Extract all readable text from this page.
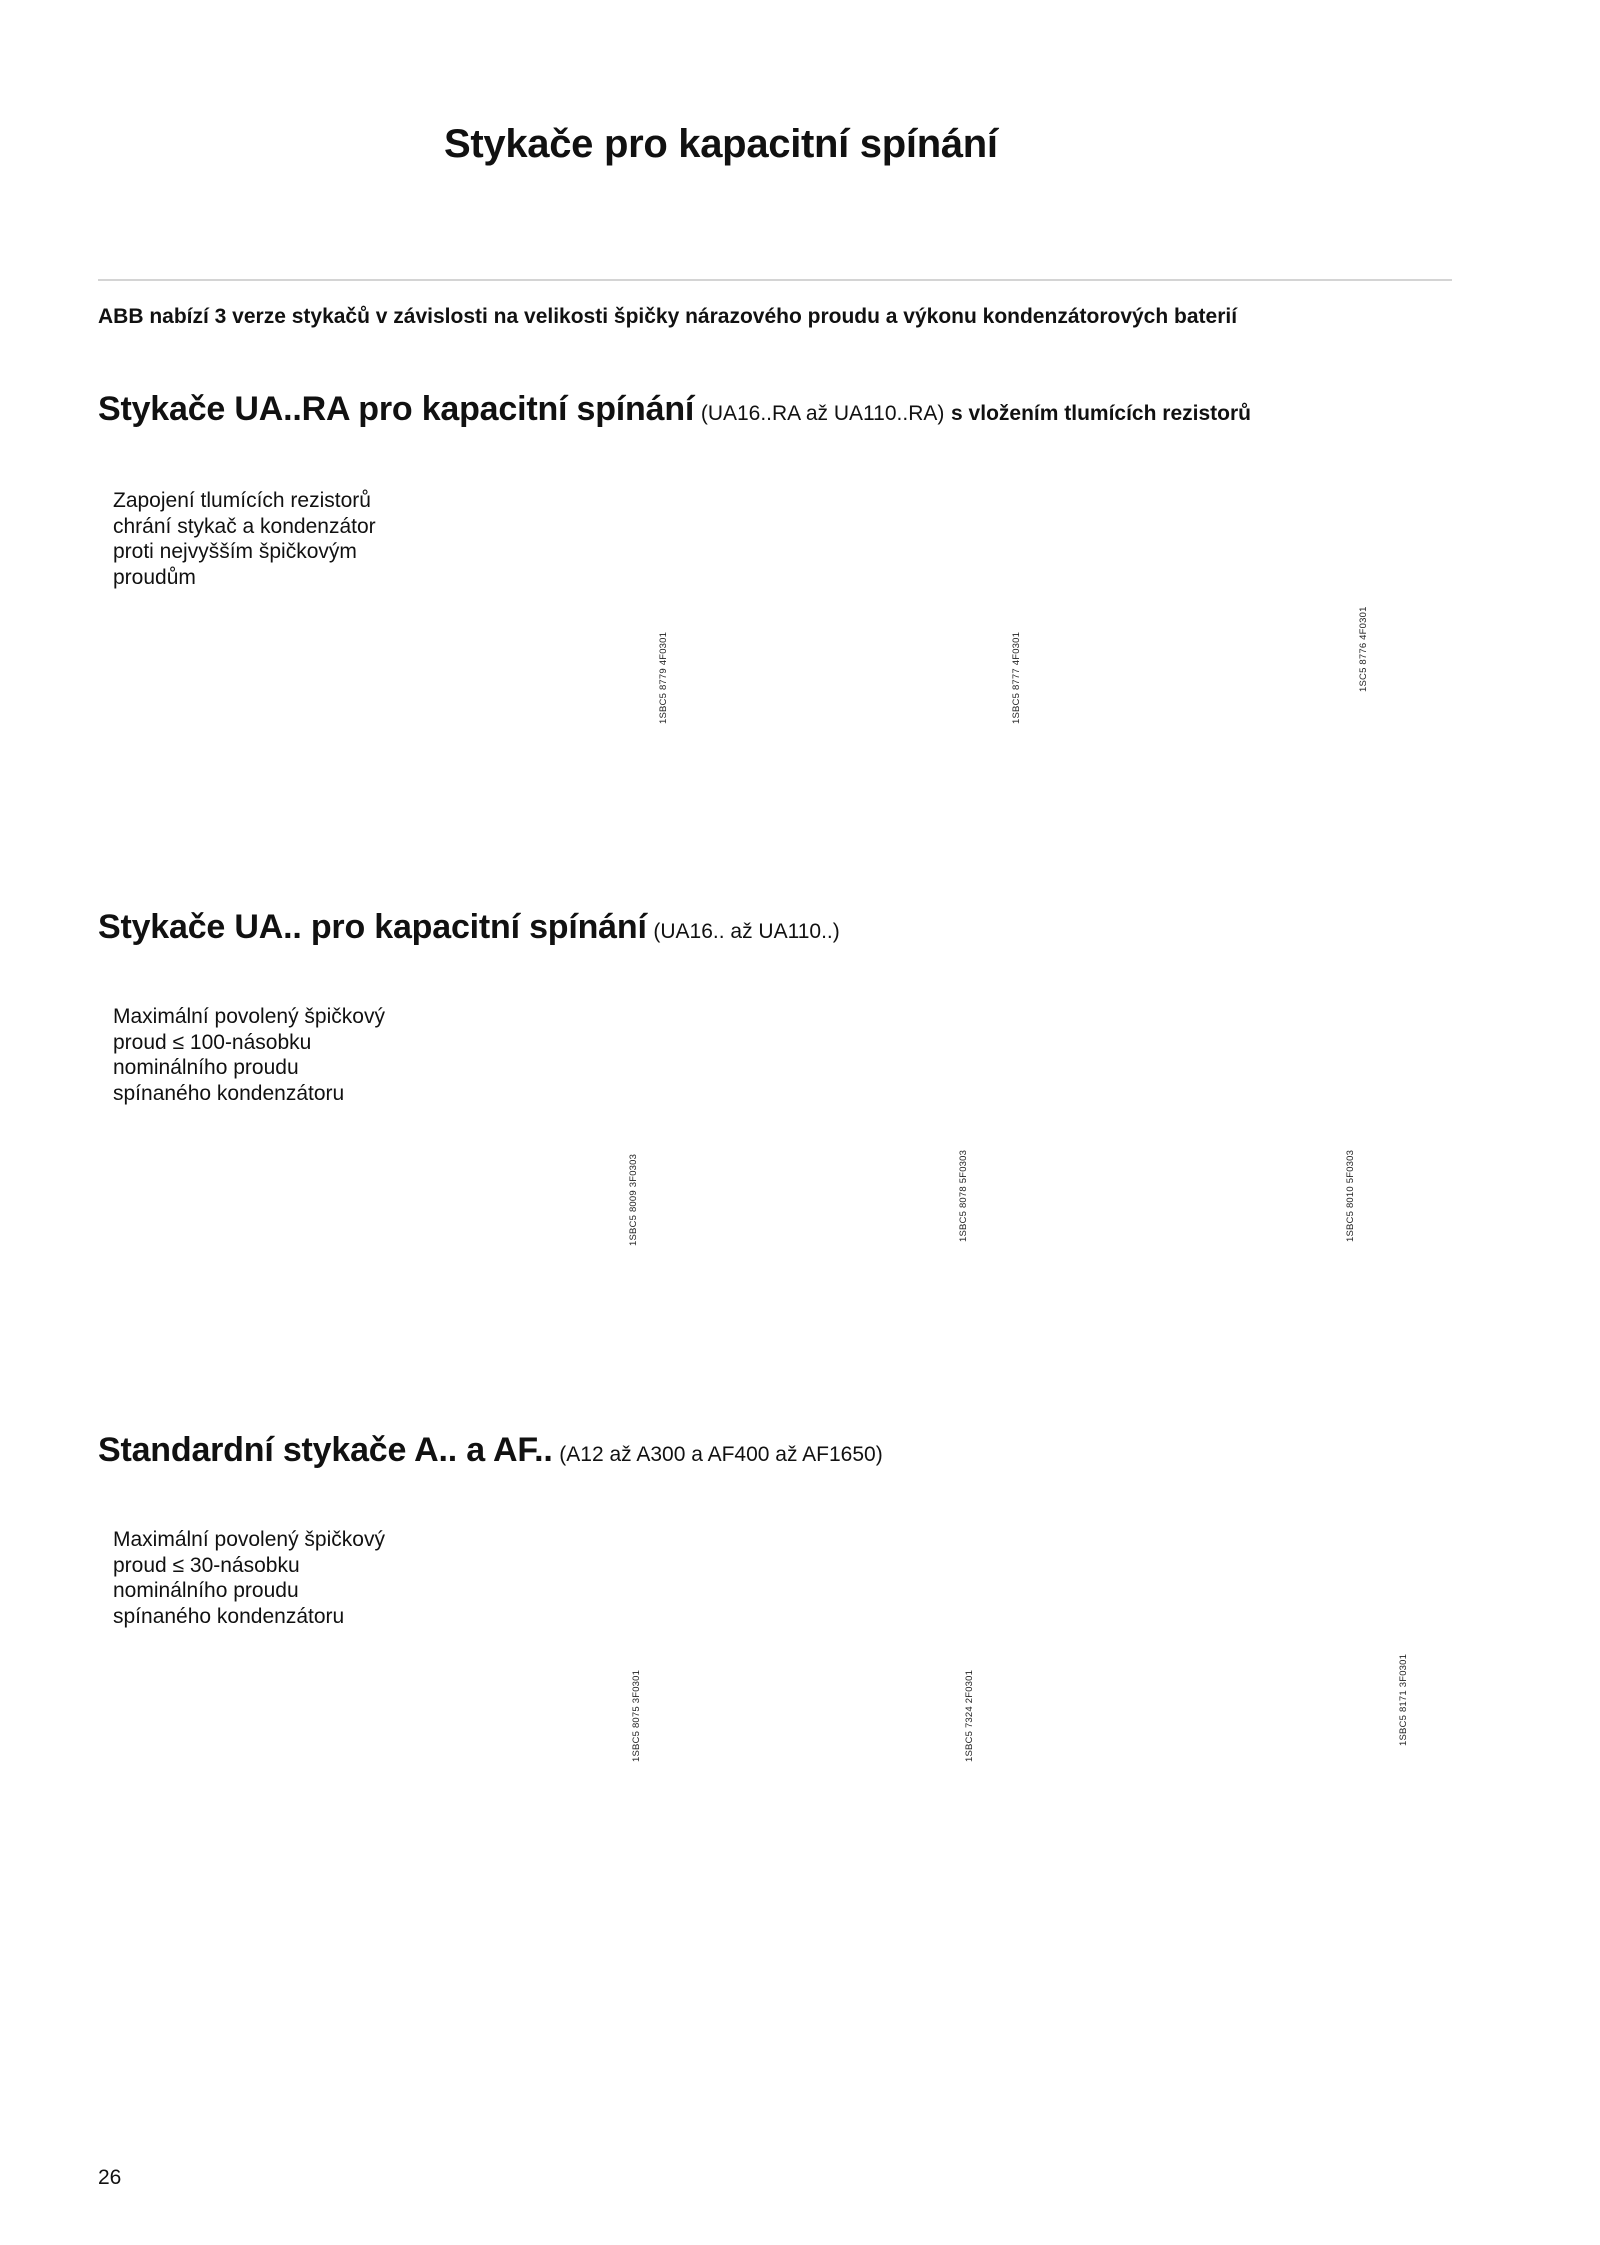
Stykače pro kapacitní spínání

ABB nabízí 3 verze stykačů v závislosti na velikosti špičky nárazového proudu a výkonu kondenzátorových baterií

Stykače UA..RA pro kapacitní spínání (UA16..RA až UA110..RA) s vložením tlumících rezistorů
Zapojení tlumících rezistorů
chrání stykač a kondenzátor
proti nejvyšším špičkovým
proudům
1SBC5 8779 4F0301	1SBC5 8777 4F0301	1SC5 8776 4F0301
Stykače UA.. pro kapacitní spínání (UA16.. až UA110..)
Maximální povolený špičkový
proud ≤ 100-násobku
nominálního proudu
spínaného kondenzátoru
1SBC5 8009 3F0303	1SBC5 8078 5F0303	1SBC5 8010 5F0303
Standardní stykače A.. a AF.. (A12 až A300 a AF400 až AF1650)
Maximální povolený špičkový
proud ≤ 30-násobku
nominálního proudu
spínaného kondenzátoru
1SBC5 8075 3F0301	1SBC5 7324 2F0301	1SBC5 8171 3F0301

26
